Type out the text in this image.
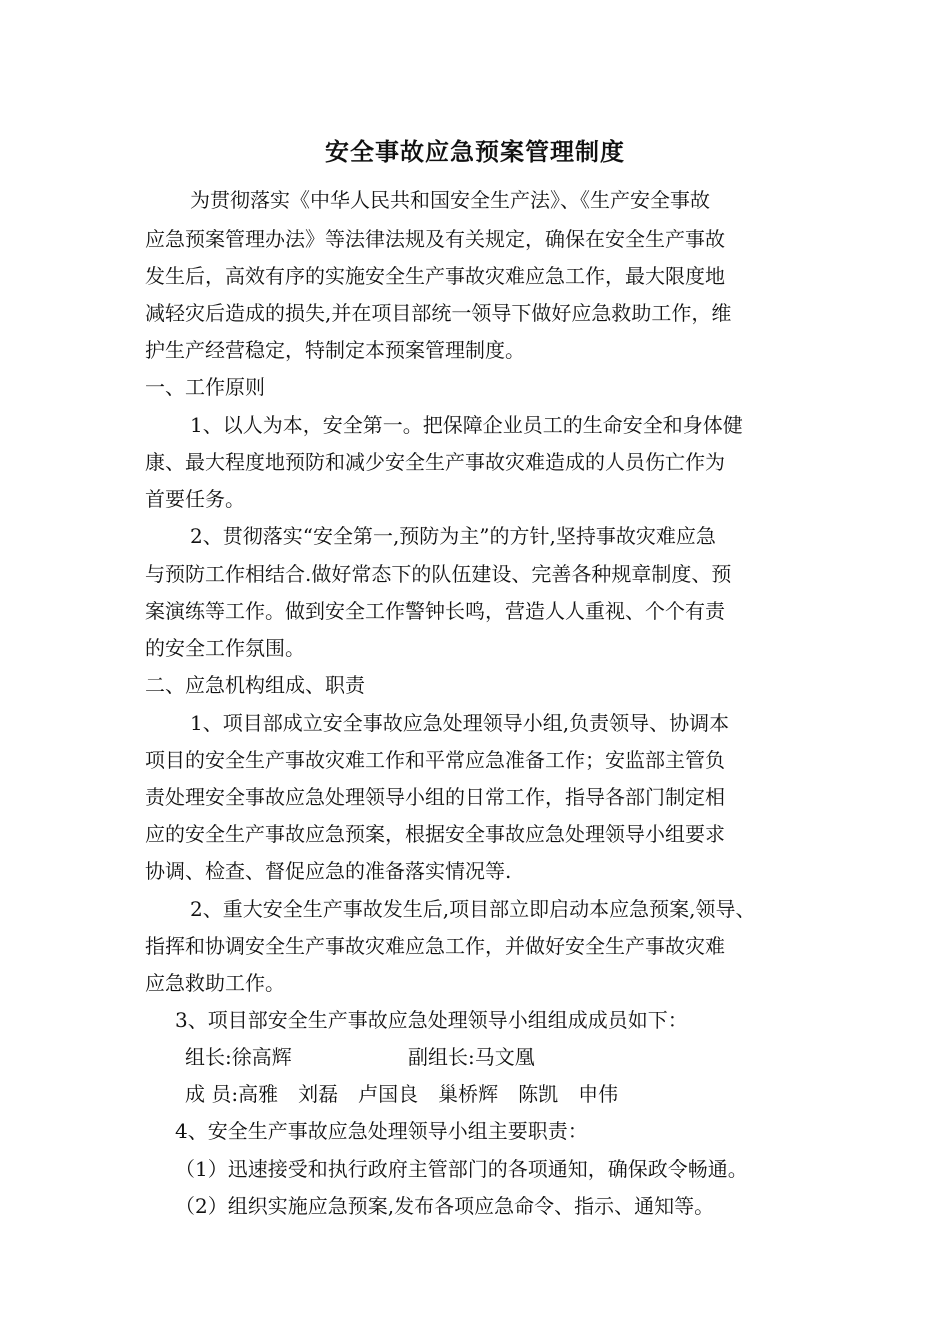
安全事故应急预案管理制度

为贯彻落实《中华人民共和国安全生产法》、《生产安全事故

应急预案管理办法》等法律法规及有关规定，确保在安全生产事故

发生后，高效有序的实施安全生产事故灾难应急工作，最大限度地

减轻灾后造成的损失,并在项目部统一领导下做好应急救助工作，维

护生产经营稳定，特制定本预案管理制度。

一、工作原则

1、以人为本，安全第一。把保障企业员工的生命安全和身体健

康、最大程度地预防和减少安全生产事故灾难造成的人员伤亡作为

首要任务。

2、贯彻落实“安全第一,预防为主”的方针,坚持事故灾难应急

与预防工作相结合.做好常态下的队伍建设、完善各种规章制度、预

案演练等工作。做到安全工作警钟长鸣，营造人人重视、个个有责

的安全工作氛围。

二、应急机构组成、职责

1、项目部成立安全事故应急处理领导小组,负责领导、协调本

项目的安全生产事故灾难工作和平常应急准备工作；安监部主管负

责处理安全事故应急处理领导小组的日常工作，指导各部门制定相

应的安全生产事故应急预案，根据安全事故应急处理领导小组要求

协调、检查、督促应急的准备落实情况等.

2、重大安全生产事故发生后,项目部立即启动本应急预案,领导、

指挥和协调安全生产事故灾难应急工作，并做好安全生产事故灾难

应急救助工作。

3、项目部安全生产事故应急处理领导小组组成成员如下：

组长:徐高辉	副组长:马文凰

成 员:高雅　刘磊　卢国良　巢桥辉　陈凯　申伟

4、安全生产事故应急处理领导小组主要职责：

（1）迅速接受和执行政府主管部门的各项通知，确保政令畅通。

（2）组织实施应急预案,发布各项应急命令、指示、通知等。
